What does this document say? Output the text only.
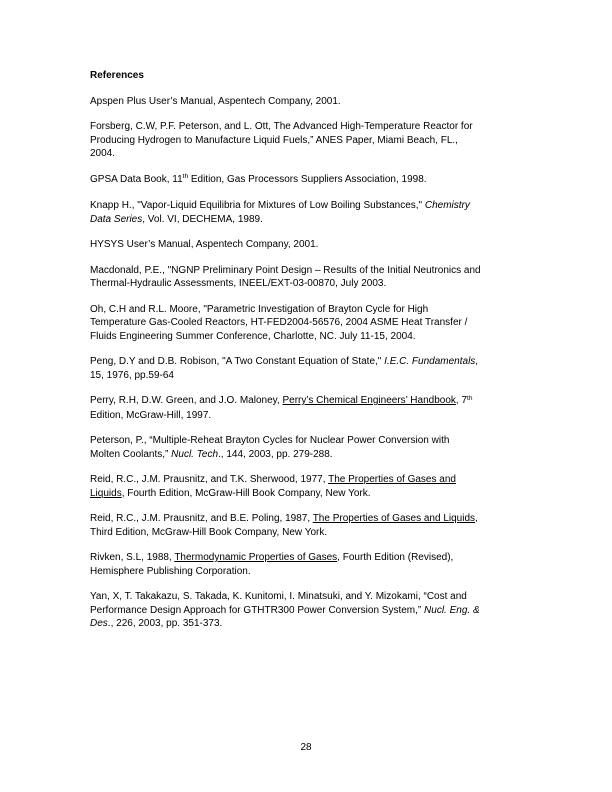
References

Apspen Plus User’s Manual, Aspentech Company, 2001.

Forsberg, C.W, P.F. Peterson, and L. Ott, The Advanced High-Temperature Reactor for
Producing Hydrogen to Manufacture Liquid Fuels,” ANES Paper, Miami Beach, FL.,
2004.

GPSA Data Book, 11th Edition, Gas Processors Suppliers Association, 1998.

Knapp H., "Vapor-Liquid Equilibria for Mixtures of Low Boiling Substances," Chemistry
Data Series, Vol. VI, DECHEMA, 1989.

HYSYS User’s Manual, Aspentech Company, 2001.

Macdonald, P.E., "NGNP Preliminary Point Design – Results of the Initial Neutronics and
Thermal-Hydraulic Assessments, INEEL/EXT-03-00870, July 2003.

Oh, C.H and R.L. Moore, "Parametric Investigation of Brayton Cycle for High
Temperature Gas-Cooled Reactors, HT-FED2004-56576, 2004 ASME Heat Transfer /
Fluids Engineering Summer Conference, Charlotte, NC. July 11-15, 2004.

Peng, D.Y and D.B. Robison, "A Two Constant Equation of State," I.E.C. Fundamentals,
15, 1976, pp.59-64

Perry, R.H, D.W. Green, and J.O. Maloney, Perry’s Chemical Engineers’ Handbook, 7th
Edition, McGraw-Hill, 1997.

Peterson, P., “Multiple-Reheat Brayton Cycles for Nuclear Power Conversion with
Molten Coolants,” Nucl. Tech., 144, 2003, pp. 279-288.

Reid, R.C., J.M. Prausnitz, and T.K. Sherwood, 1977, The Properties of Gases and
Liquids, Fourth Edition, McGraw-Hill Book Company, New York.

Reid, R.C., J.M. Prausnitz, and B.E. Poling, 1987, The Properties of Gases and Liquids,
Third Edition, McGraw-Hill Book Company, New York.

Rivken, S.L, 1988, Thermodynamic Properties of Gases, Fourth Edition (Revised),
Hemisphere Publishing Corporation.

Yan, X, T. Takakazu, S. Takada, K. Kunitomi, I. Minatsuki, and Y. Mizokami, “Cost and
Performance Design Approach for GTHTR300 Power Conversion System,” Nucl. Eng. &
Des., 226, 2003, pp. 351-373.

28
